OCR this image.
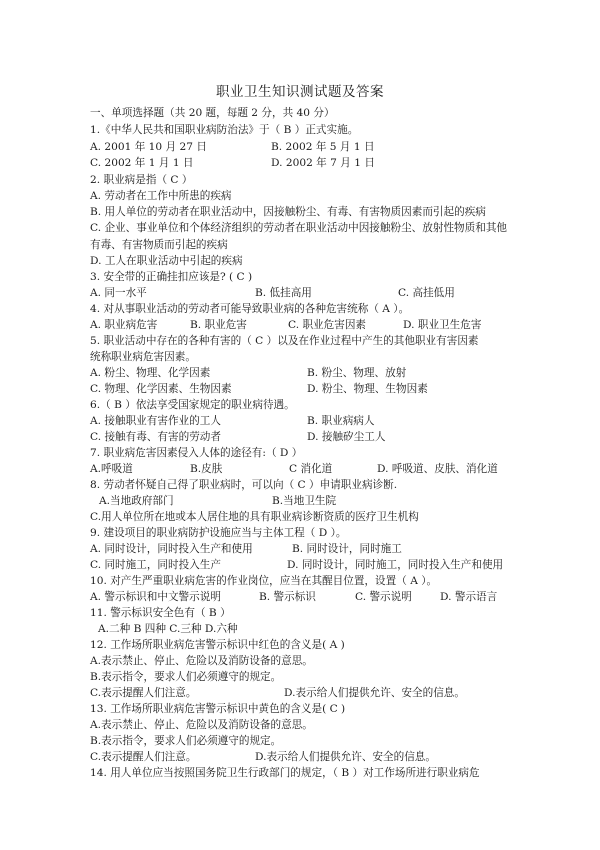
职业卫生知识测试题及答案
一、单项选择题（共 20 题，每题 2 分，共 40 分）
1.《中华人民共和国职业病防治法》于（ B ）正式实施。
A. 2001 年 10 月 27 日	B. 2002 年 5 月 1 日
C. 2002 年 1 月 1 日	D. 2002 年 7 月 1 日
2. 职业病是指（ C ）
A. 劳动者在工作中所患的疾病
B. 用人单位的劳动者在职业活动中，因接触粉尘、有毒、有害物质因素而引起的疾病
C. 企业、事业单位和个体经济组织的劳动者在职业活动中因接触粉尘、放射性物质和其他
有毒、有害物质而引起的疾病
D. 工人在职业活动中引起的疾病
3. 安全带的正确挂扣应该是? ( C )
A. 同一水平	B. 低挂高用	C. 高挂低用
4. 对从事职业活动的劳动者可能导致职业病的各种危害统称（ A ）。
A. 职业病危害	B. 职业危害	C. 职业危害因素	D. 职业卫生危害
5. 职业活动中存在的各种有害的（ C ）以及在作业过程中产生的其他职业有害因素
统称职业病危害因素。
A. 粉尘、物理、化学因素	B. 粉尘、物理、放射
C. 物理、化学因素、生物因素	D. 粉尘、物理、生物因素
6.（ B ）依法享受国家规定的职业病待遇。
A. 接触职业有害作业的工人	B. 职业病病人
C. 接触有毒、有害的劳动者	D. 接触矽尘工人
7. 职业病危害因素侵入人体的途径有:（ D ）
A.呼吸道	B.皮肤	C 消化道	D. 呼吸道、皮肤、消化道
8. 劳动者怀疑自己得了职业病时，可以向（ C ）申请职业病诊断.
A.当地政府部门	B.当地卫生院
C.用人单位所在地或本人居住地的具有职业病诊断资质的医疗卫生机构
9. 建设项目的职业病防护设施应当与主体工程（ D ）。
A. 同时设计，同时投入生产和使用	B. 同时设计，同时施工
C. 同时施工，同时投入生产	D. 同时设计，同时施工，同时投入生产和使用
10. 对产生严重职业病危害的作业岗位，应当在其醒目位置，设置（ A ）。
A. 警示标识和中文警示说明	B. 警示标识	C. 警示说明	D. 警示语言
11. 警示标识安全色有（ B ）
A.二种 B 四种 C.三种 D.六种
12. 工作场所职业病危害警示标识中红色的含义是( A )
A.表示禁止、停止、危险以及消防设备的意思。
B.表示指令，要求人们必须遵守的规定。
C.表示提醒人们注意。	D.表示给人们提供允许、安全的信息。
13. 工作场所职业病危害警示标识中黄色的含义是( C )
A.表示禁止、停止、危险以及消防设备的意思。
B.表示指令，要求人们必须遵守的规定。
C.表示提醒人们注意。	D.表示给人们提供允许、安全的信息。
14. 用人单位应当按照国务院卫生行政部门的规定，（ B ）对工作场所进行职业病危
